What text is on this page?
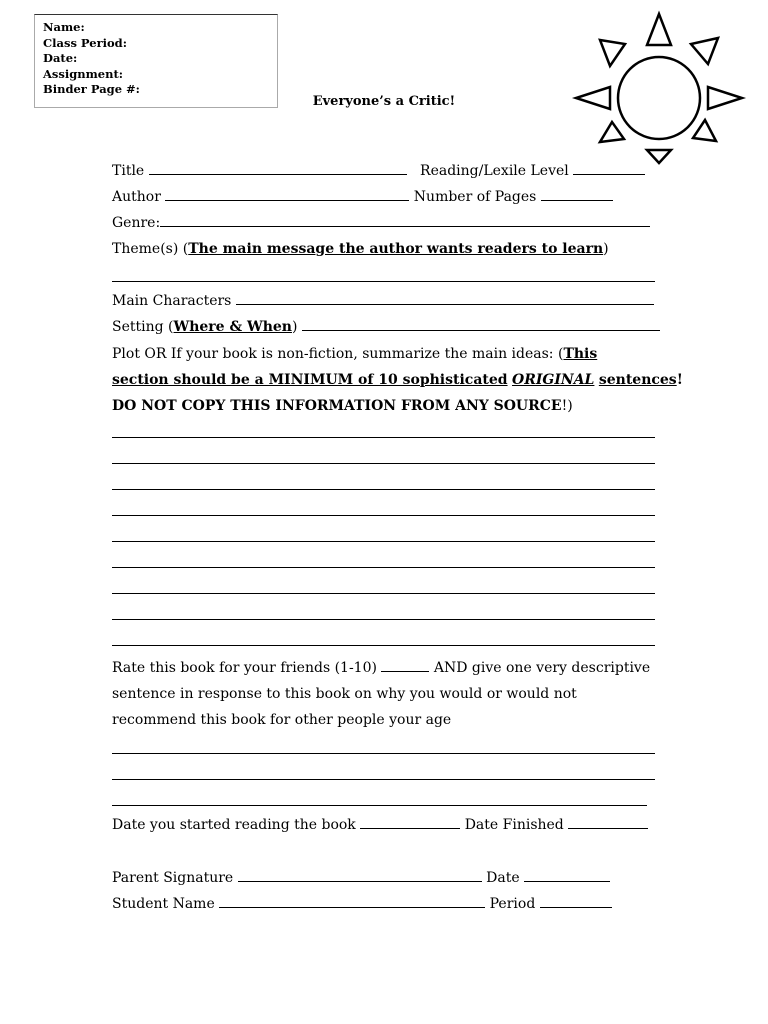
Name:
Class Period:
Date:
Assignment:
Binder Page #:
Everyone’s a Critic!
Title	Reading/Lexile Level
Author	Number of Pages
Genre:
Theme(s) (The main message the author wants readers to learn)
Main Characters
Setting (Where & When)
Plot OR If your book is non-fiction, summarize the main ideas: (This
section should be a MINIMUM of 10 sophisticated ORIGINAL sentences!
DO NOT COPY THIS INFORMATION FROM ANY SOURCE!)
Rate this book for your friends (1-10)	AND give one very descriptive
sentence in response to this book on why you would or would not
recommend this book for other people your age
Date you started reading the book	Date Finished
Parent Signature	Date
Student Name	Period
